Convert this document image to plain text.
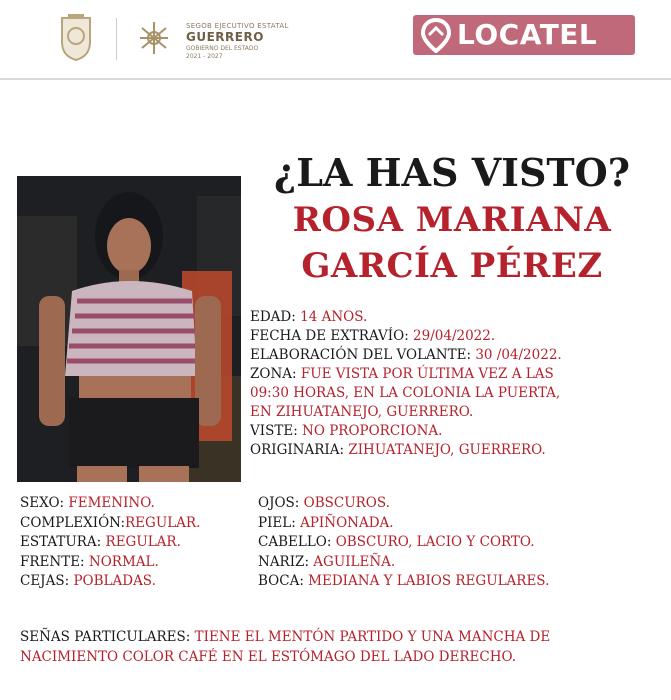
SEGOB EJECUTIVO ESTATAL
GUERRERO
GOBIERNO DEL ESTADO
2021 - 2027
LOCATEL
¿LA HAS VISTO?
ROSA MARIANA
GARCÍA PÉREZ
EDAD: 14 ANOS.
FECHA DE EXTRAVÍO: 29/04/2022.
ELABORACIÓN DEL VOLANTE: 30 /04/2022.
ZONA: FUE VISTA POR ÚLTIMA VEZ A LAS
09:30 HORAS, EN LA COLONIA LA PUERTA,
EN ZIHUATANEJO, GUERRERO.
VISTE: NO PROPORCIONA.
ORIGINARIA: ZIHUATANEJO, GUERRERO.
SEXO: FEMENINO.
COMPLEXIÓN:REGULAR.
ESTATURA: REGULAR.
FRENTE: NORMAL.
CEJAS: POBLADAS.
OJOS: OBSCUROS.
PIEL: APIÑONADA.
CABELLO: OBSCURO, LACIO Y CORTO.
NARIZ: AGUILEÑA.
BOCA: MEDIANA Y LABIOS REGULARES.
SEÑAS PARTICULARES: TIENE EL MENTÓN PARTIDO Y UNA MANCHA DE
NACIMIENTO COLOR CAFÉ EN EL ESTÓMAGO DEL LADO DERECHO.
